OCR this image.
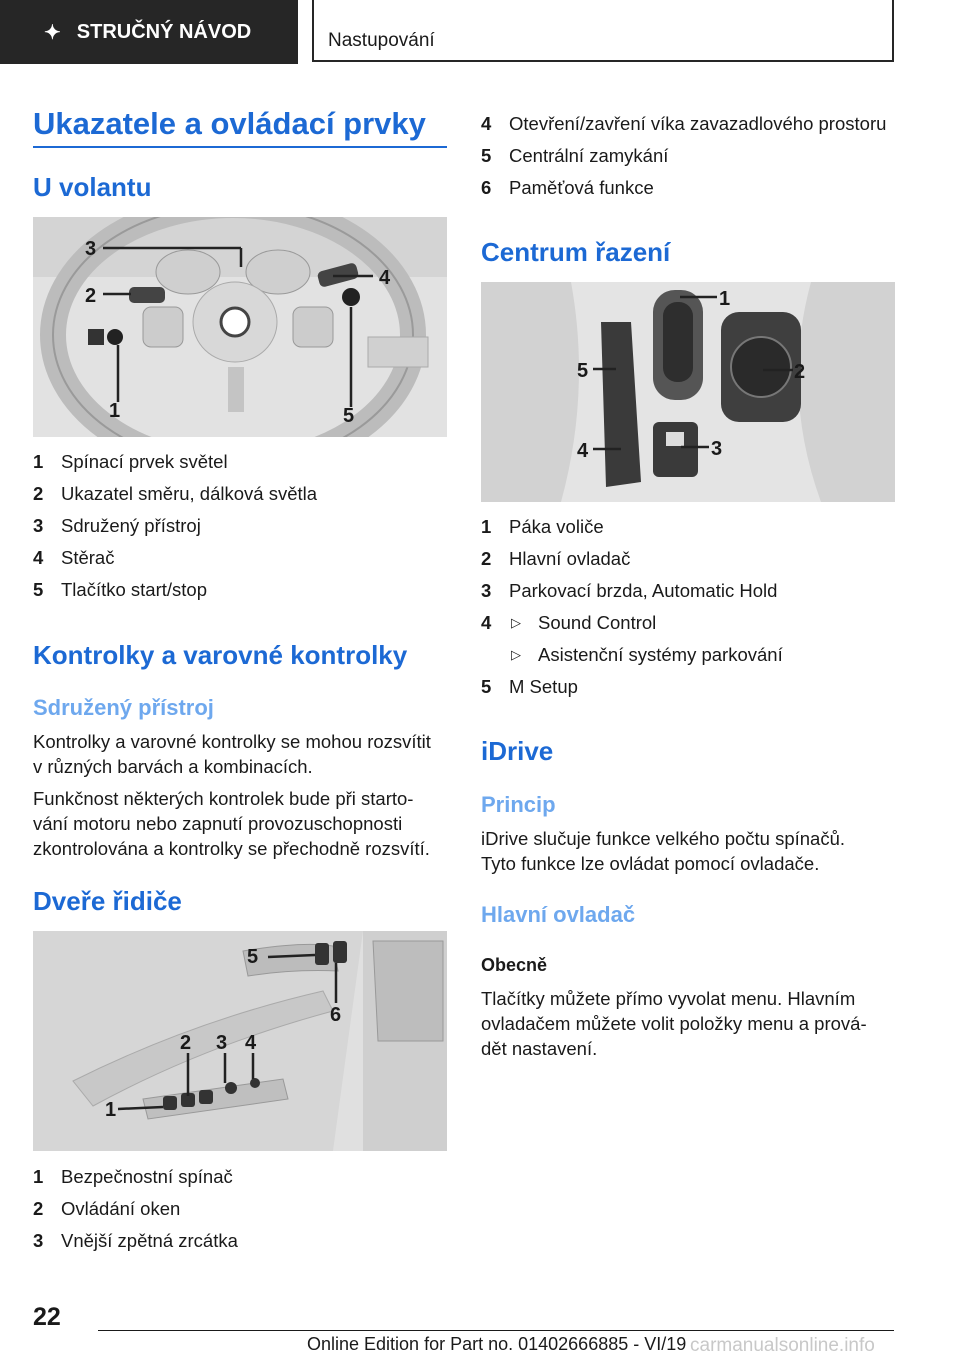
✦ STRUČNÝ NÁVOD	Nastupování
Ukazatele a ovládací prvky
U volantu
1
2
3
4
5
1 Spínací prvek světel
2 Ukazatel směru, dálková světla
3 Sdružený přístroj
4 Stěrač
5 Tlačítko start/stop
Kontrolky a varovné kontrolky
Sdružený přístroj
Kontrolky a varovné kontrolky se mohou rozsvítit
v různých barvách a kombinacích.
Funkčnost některých kontrolek bude při starto‐
vání motoru nebo zapnutí provozuschopnosti
zkontrolována a kontrolky se přechodně rozsvítí.
Dveře řidiče
1
2 3 4
5
6
1 Bezpečnostní spínač
2 Ovládání oken
3 Vnější zpětná zrcátka
4 Otevření/zavření víka zavazadlového prostoru
5 Centrální zamykání
6 Paměťová funkce
Centrum řazení
1
2
3
4
5
1 Páka voliče
2 Hlavní ovladač
3 Parkovací brzda, Automatic Hold
4	▷ Sound Control
▷ Asistenční systémy parkování
5 M Setup
iDrive
Princip
iDrive slučuje funkce velkého počtu spínačů.
Tyto funkce lze ovládat pomocí ovladače.
Hlavní ovladač
Obecně
Tlačítky můžete přímo vyvolat menu. Hlavním
ovladačem můžete volit položky menu a prová‐
dět nastavení.
22
Online Edition for Part no. 01402666885 - VI/19 carmanualsonline.info
